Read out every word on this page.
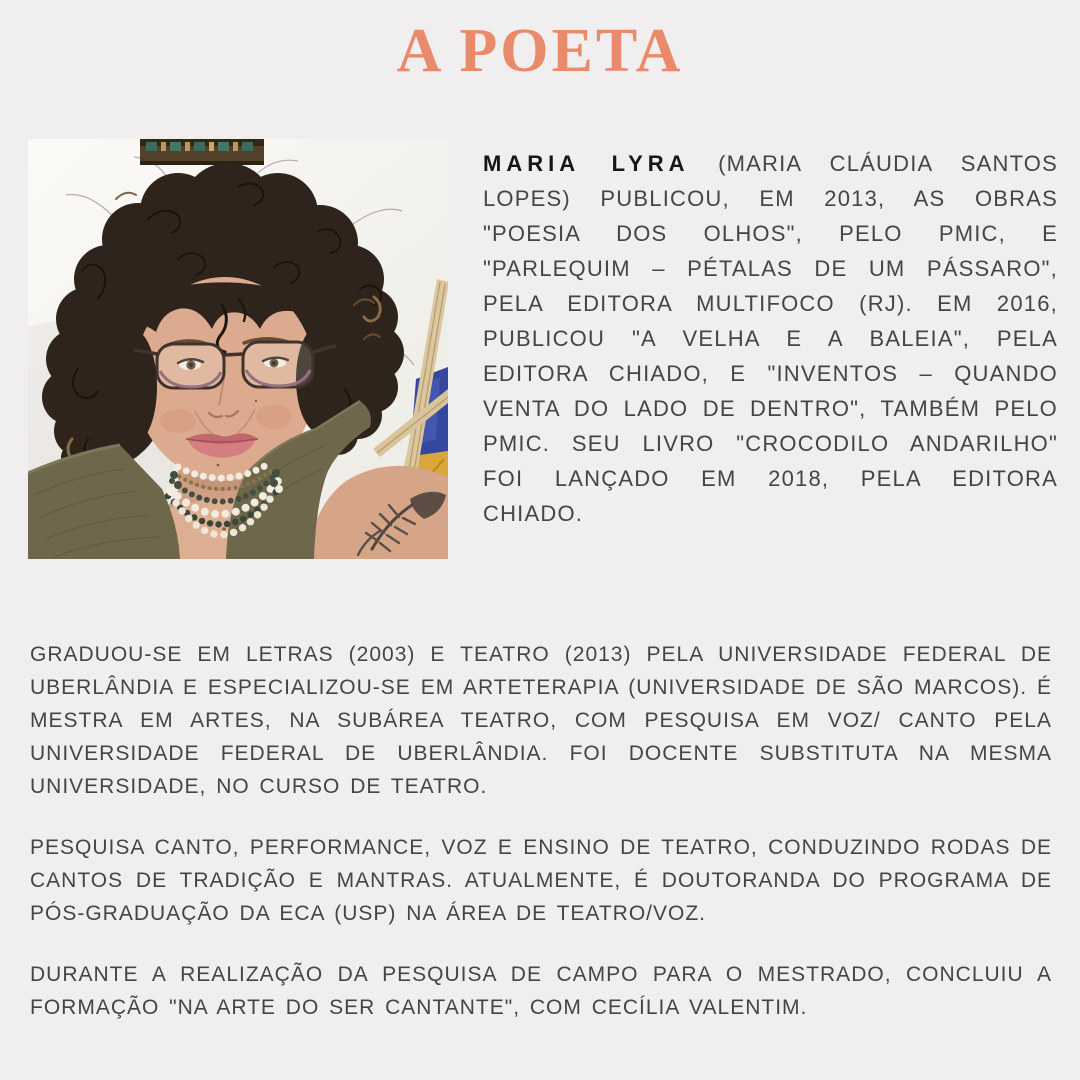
A POETA
MARIA LYRA (MARIA CLÁUDIA SANTOS LOPES) PUBLICOU, EM 2013, AS OBRAS "POESIA DOS OLHOS", PELO PMIC, E "PARLEQUIM – PÉTALAS DE UM PÁSSARO", PELA EDITORA MULTIFOCO (RJ). EM 2016, PUBLICOU "A VELHA E A BALEIA", PELA EDITORA CHIADO, E "INVENTOS – QUANDO VENTA DO LADO DE DENTRO", TAMBÉM PELO PMIC. SEU LIVRO "CROCODILO ANDARILHO" FOI LANÇADO EM 2018, PELA EDITORA CHIADO.

GRADUOU-SE EM LETRAS (2003) E TEATRO (2013) PELA UNIVERSIDADE FEDERAL DE UBERLÂNDIA E ESPECIALIZOU-SE EM ARTETERAPIA (UNIVERSIDADE DE SÃO MARCOS). É MESTRA EM ARTES, NA SUBÁREA TEATRO, COM PESQUISA EM VOZ/ CANTO PELA UNIVERSIDADE FEDERAL DE UBERLÂNDIA. FOI DOCENTE SUBSTITUTA NA MESMA UNIVERSIDADE, NO CURSO DE TEATRO.

PESQUISA CANTO, PERFORMANCE, VOZ E ENSINO DE TEATRO, CONDUZINDO RODAS DE CANTOS DE TRADIÇÃO E MANTRAS. ATUALMENTE, É DOUTORANDA DO PROGRAMA DE PÓS-GRADUAÇÃO DA ECA (USP) NA ÁREA DE TEATRO/VOZ.

DURANTE A REALIZAÇÃO DA PESQUISA DE CAMPO PARA O MESTRADO, CONCLUIU A FORMAÇÃO "NA ARTE DO SER CANTANTE", COM CECÍLIA VALENTIM.
